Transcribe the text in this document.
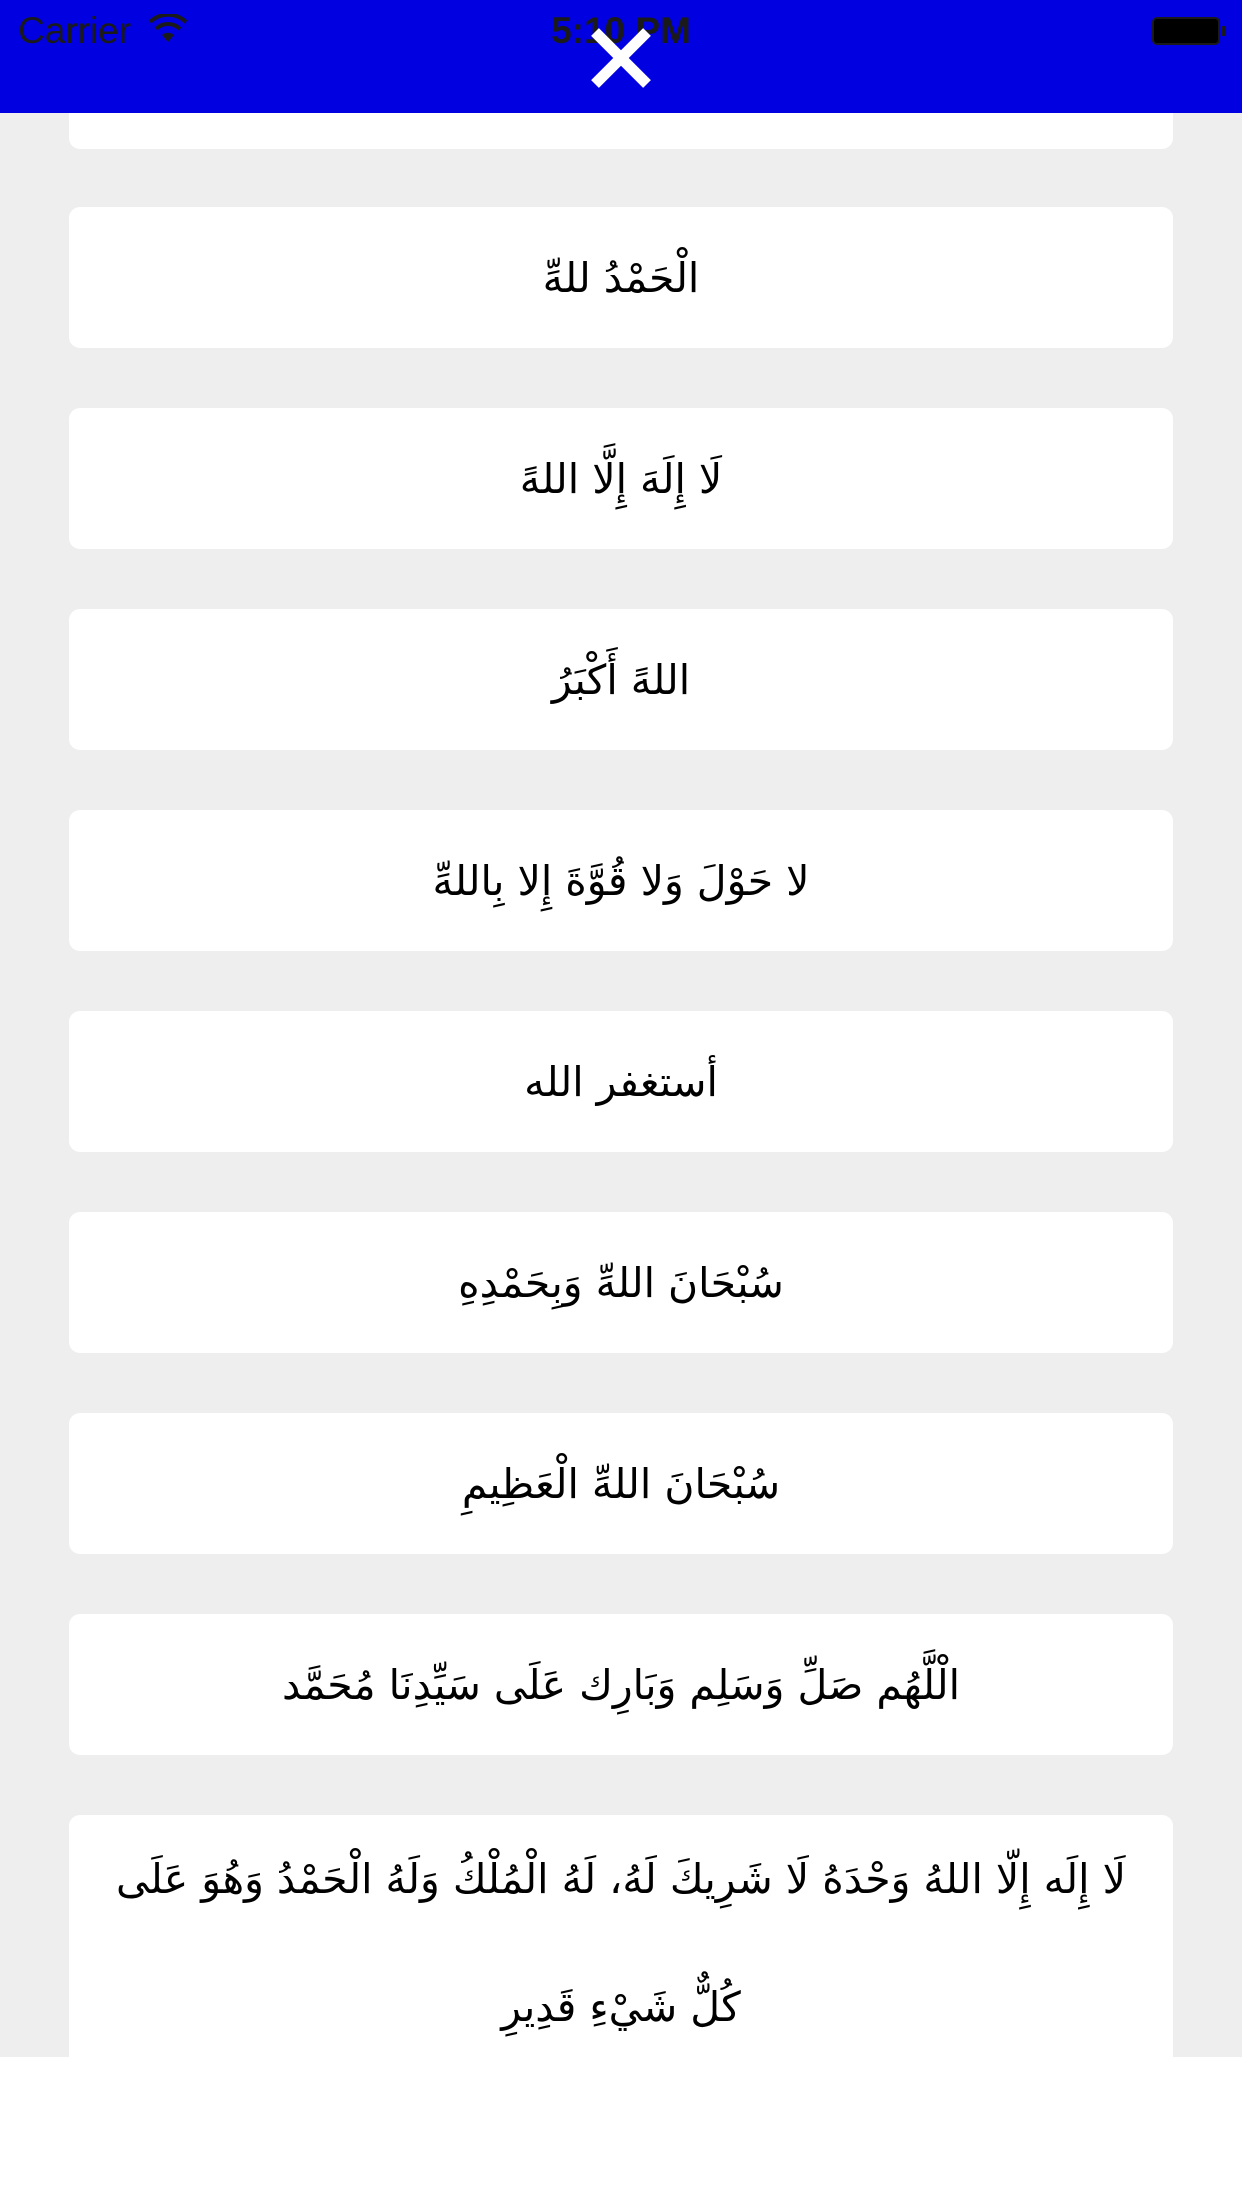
Carrier	5:10 PM
الْحَمْدُ للهِّ
لَا إِلَهَ إِلَّا اللهً
اللهً أَكْبَرُ
لا حَوْلَ وَلا قُوَّةَ إِلا بِاللهِّ
أستغفر الله
سُبْحَانَ اللهِّ وَبِحَمْدِهِ
سُبْحَانَ اللهِّ الْعَظِيمِ
الْلَّهُم صَلِّ وَسَلِم وَبَارِك عَلَى سَيِّدِنَا مُحَمَّد
لَا إِلَه إِلّا اللهُ وَحْدَهُ لَا شَرِيكَ لَهُ، لَهُ الْمُلْكُ وَلَهُ الْحَمْدُ وَهُوَ عَلَى كُلٌّ شَيْءِ قَدِيرِ
